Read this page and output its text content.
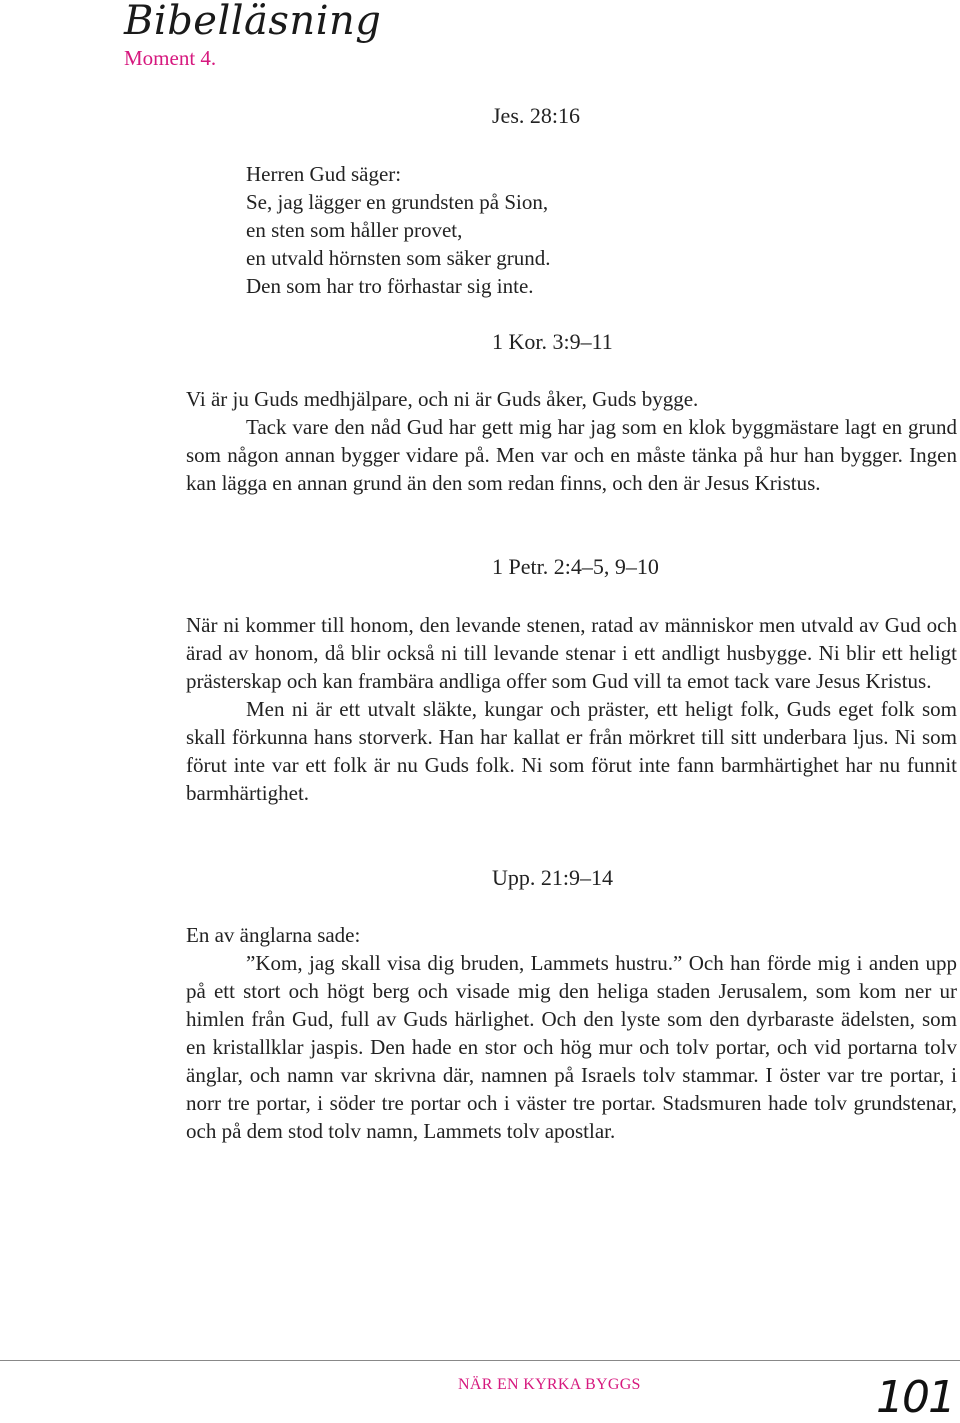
Bibelläsning
Moment 4.
Jes. 28:16
Herren Gud säger:
Se, jag lägger en grundsten på Sion,
en sten som håller provet,
en utvald hörnsten som säker grund.
Den som har tro förhastar sig inte.
1 Kor. 3:9–11

Vi är ju Guds medhjälpare, och ni är Guds åker, Guds bygge.

Tack vare den nåd Gud har gett mig har jag som en klok byggmästare lagt en grund som någon annan bygger vidare på. Men var och en måste tänka på hur han bygger. Ingen kan lägga en annan grund än den som redan finns, och den är Jesus Kristus.

1 Petr. 2:4–5, 9–10

När ni kommer till honom, den levande stenen, ratad av människor men utvald av Gud och ärad av honom, då blir också ni till levande stenar i ett andligt husbygge. Ni blir ett heligt prästerskap och kan frambära andliga offer som Gud vill ta emot tack vare Jesus Kristus.

Men ni är ett utvalt släkte, kungar och präster, ett heligt folk, Guds eget folk som skall förkunna hans storverk. Han har kallat er från mörkret till sitt underbara ljus. Ni som förut inte var ett folk är nu Guds folk. Ni som förut inte fann barmhärtighet har nu funnit barmhärtighet.

Upp. 21:9–14

En av änglarna sade:

”Kom, jag skall visa dig bruden, Lammets hustru.” Och han förde mig i anden upp på ett stort och högt berg och visade mig den heliga staden Jerusalem, som kom ner ur himlen från Gud, full av Guds härlighet. Och den lyste som den dyrbaraste ädelsten, som en kristallklar jaspis. Den hade en stor och hög mur och tolv portar, och vid portarna tolv änglar, och namn var skrivna där, namnen på Israels tolv stammar. I öster var tre portar, i norr tre portar, i söder tre portar och i väster tre portar. Stadsmuren hade tolv grundstenar, och på dem stod tolv namn, Lammets tolv apostlar.

NÄR EN KYRKA BYGGS	101
